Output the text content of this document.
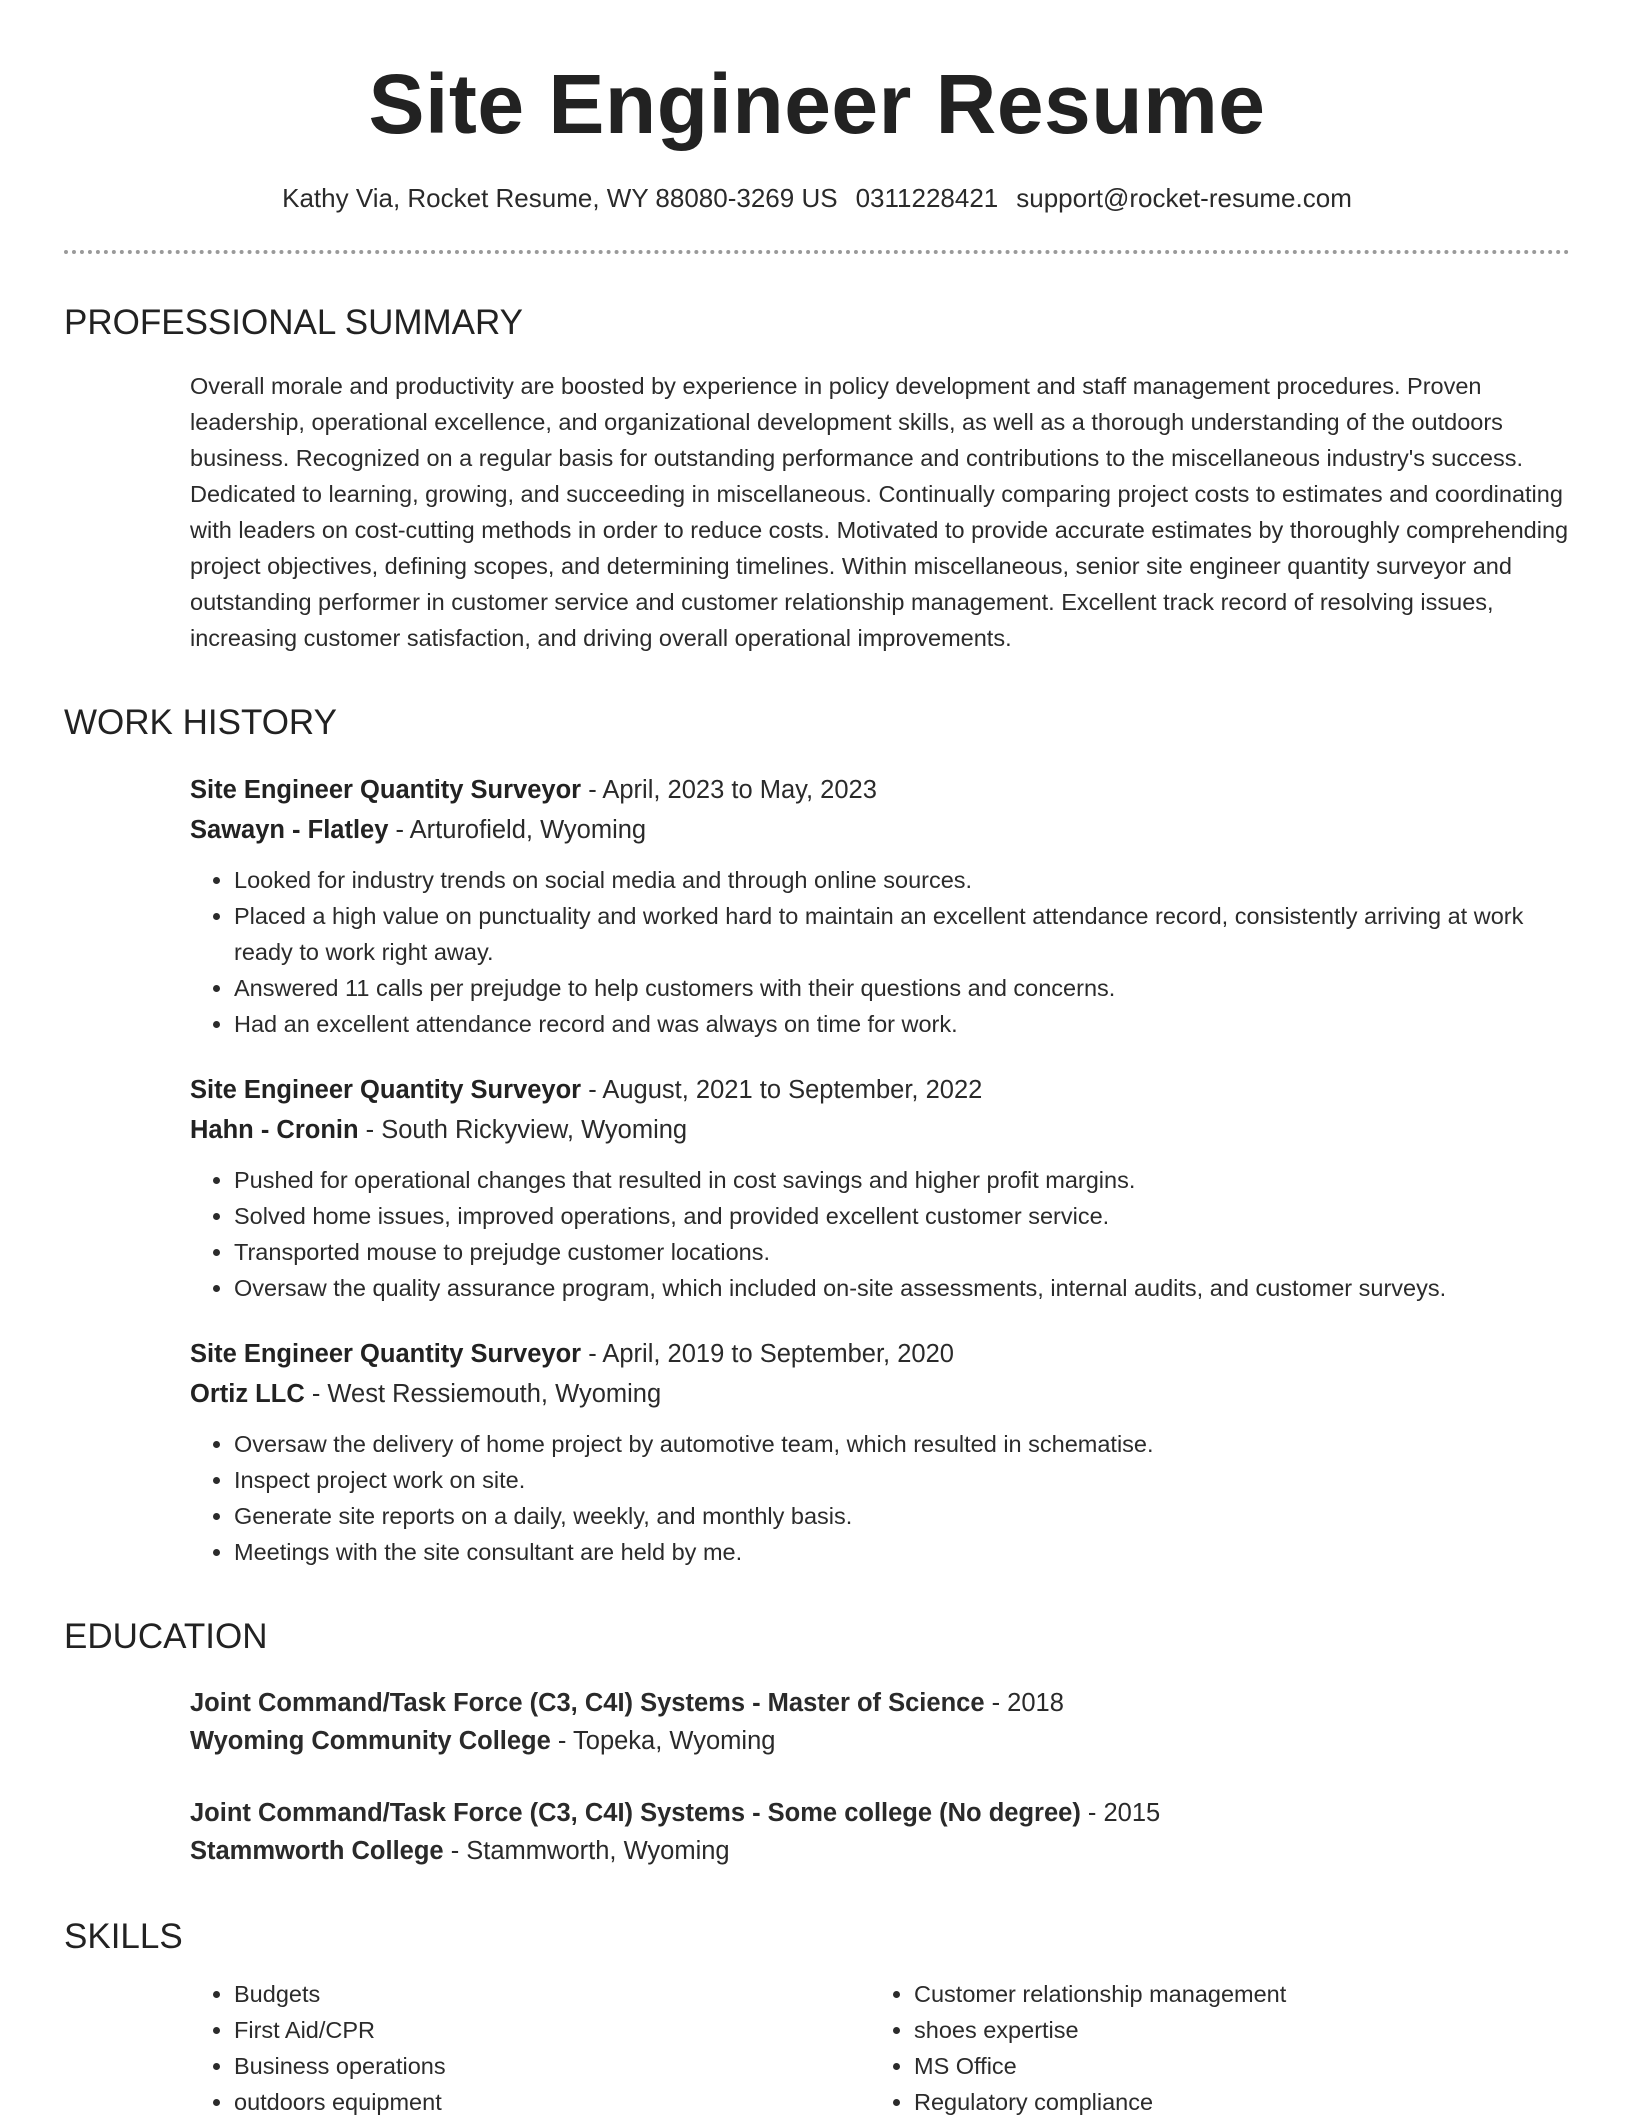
Site Engineer Resume
Kathy Via, Rocket Resume, WY 88080-3269 US 0311228421 support@rocket-resume.com
PROFESSIONAL SUMMARY

Overall morale and productivity are boosted by experience in policy development and staff management procedures. Proven leadership, operational excellence, and organizational development skills, as well as a thorough understanding of the outdoors business. Recognized on a regular basis for outstanding performance and contributions to the miscellaneous industry's success. Dedicated to learning, growing, and succeeding in miscellaneous. Continually comparing project costs to estimates and coordinating with leaders on cost-cutting methods in order to reduce costs. Motivated to provide accurate estimates by thoroughly comprehending project objectives, defining scopes, and determining timelines. Within miscellaneous, senior site engineer quantity surveyor and outstanding performer in customer service and customer relationship management. Excellent track record of resolving issues, increasing customer satisfaction, and driving overall operational improvements.

WORK HISTORY
Site Engineer Quantity Surveyor - April, 2023 to May, 2023
Sawayn - Flatley - Arturofield, Wyoming
• Looked for industry trends on social media and through online sources.
• Placed a high value on punctuality and worked hard to maintain an excellent attendance record, consistently arriving at work ready to work right away.
• Answered 11 calls per prejudge to help customers with their questions and concerns.
• Had an excellent attendance record and was always on time for work.
Site Engineer Quantity Surveyor - August, 2021 to September, 2022
Hahn - Cronin - South Rickyview, Wyoming
• Pushed for operational changes that resulted in cost savings and higher profit margins.
• Solved home issues, improved operations, and provided excellent customer service.
• Transported mouse to prejudge customer locations.
• Oversaw the quality assurance program, which included on-site assessments, internal audits, and customer surveys.
Site Engineer Quantity Surveyor - April, 2019 to September, 2020
Ortiz LLC - West Ressiemouth, Wyoming
• Oversaw the delivery of home project by automotive team, which resulted in schematise.
• Inspect project work on site.
• Generate site reports on a daily, weekly, and monthly basis.
• Meetings with the site consultant are held by me.
EDUCATION
Joint Command/Task Force (C3, C4I) Systems - Master of Science - 2018
Wyoming Community College - Topeka, Wyoming
Joint Command/Task Force (C3, C4I) Systems - Some college (No degree) - 2015
Stammworth College - Stammworth, Wyoming
SKILLS
• Budgets
• First Aid/CPR
• Business operations
• outdoors equipment
• Customer relationship management
• shoes expertise
• MS Office
• Regulatory compliance
